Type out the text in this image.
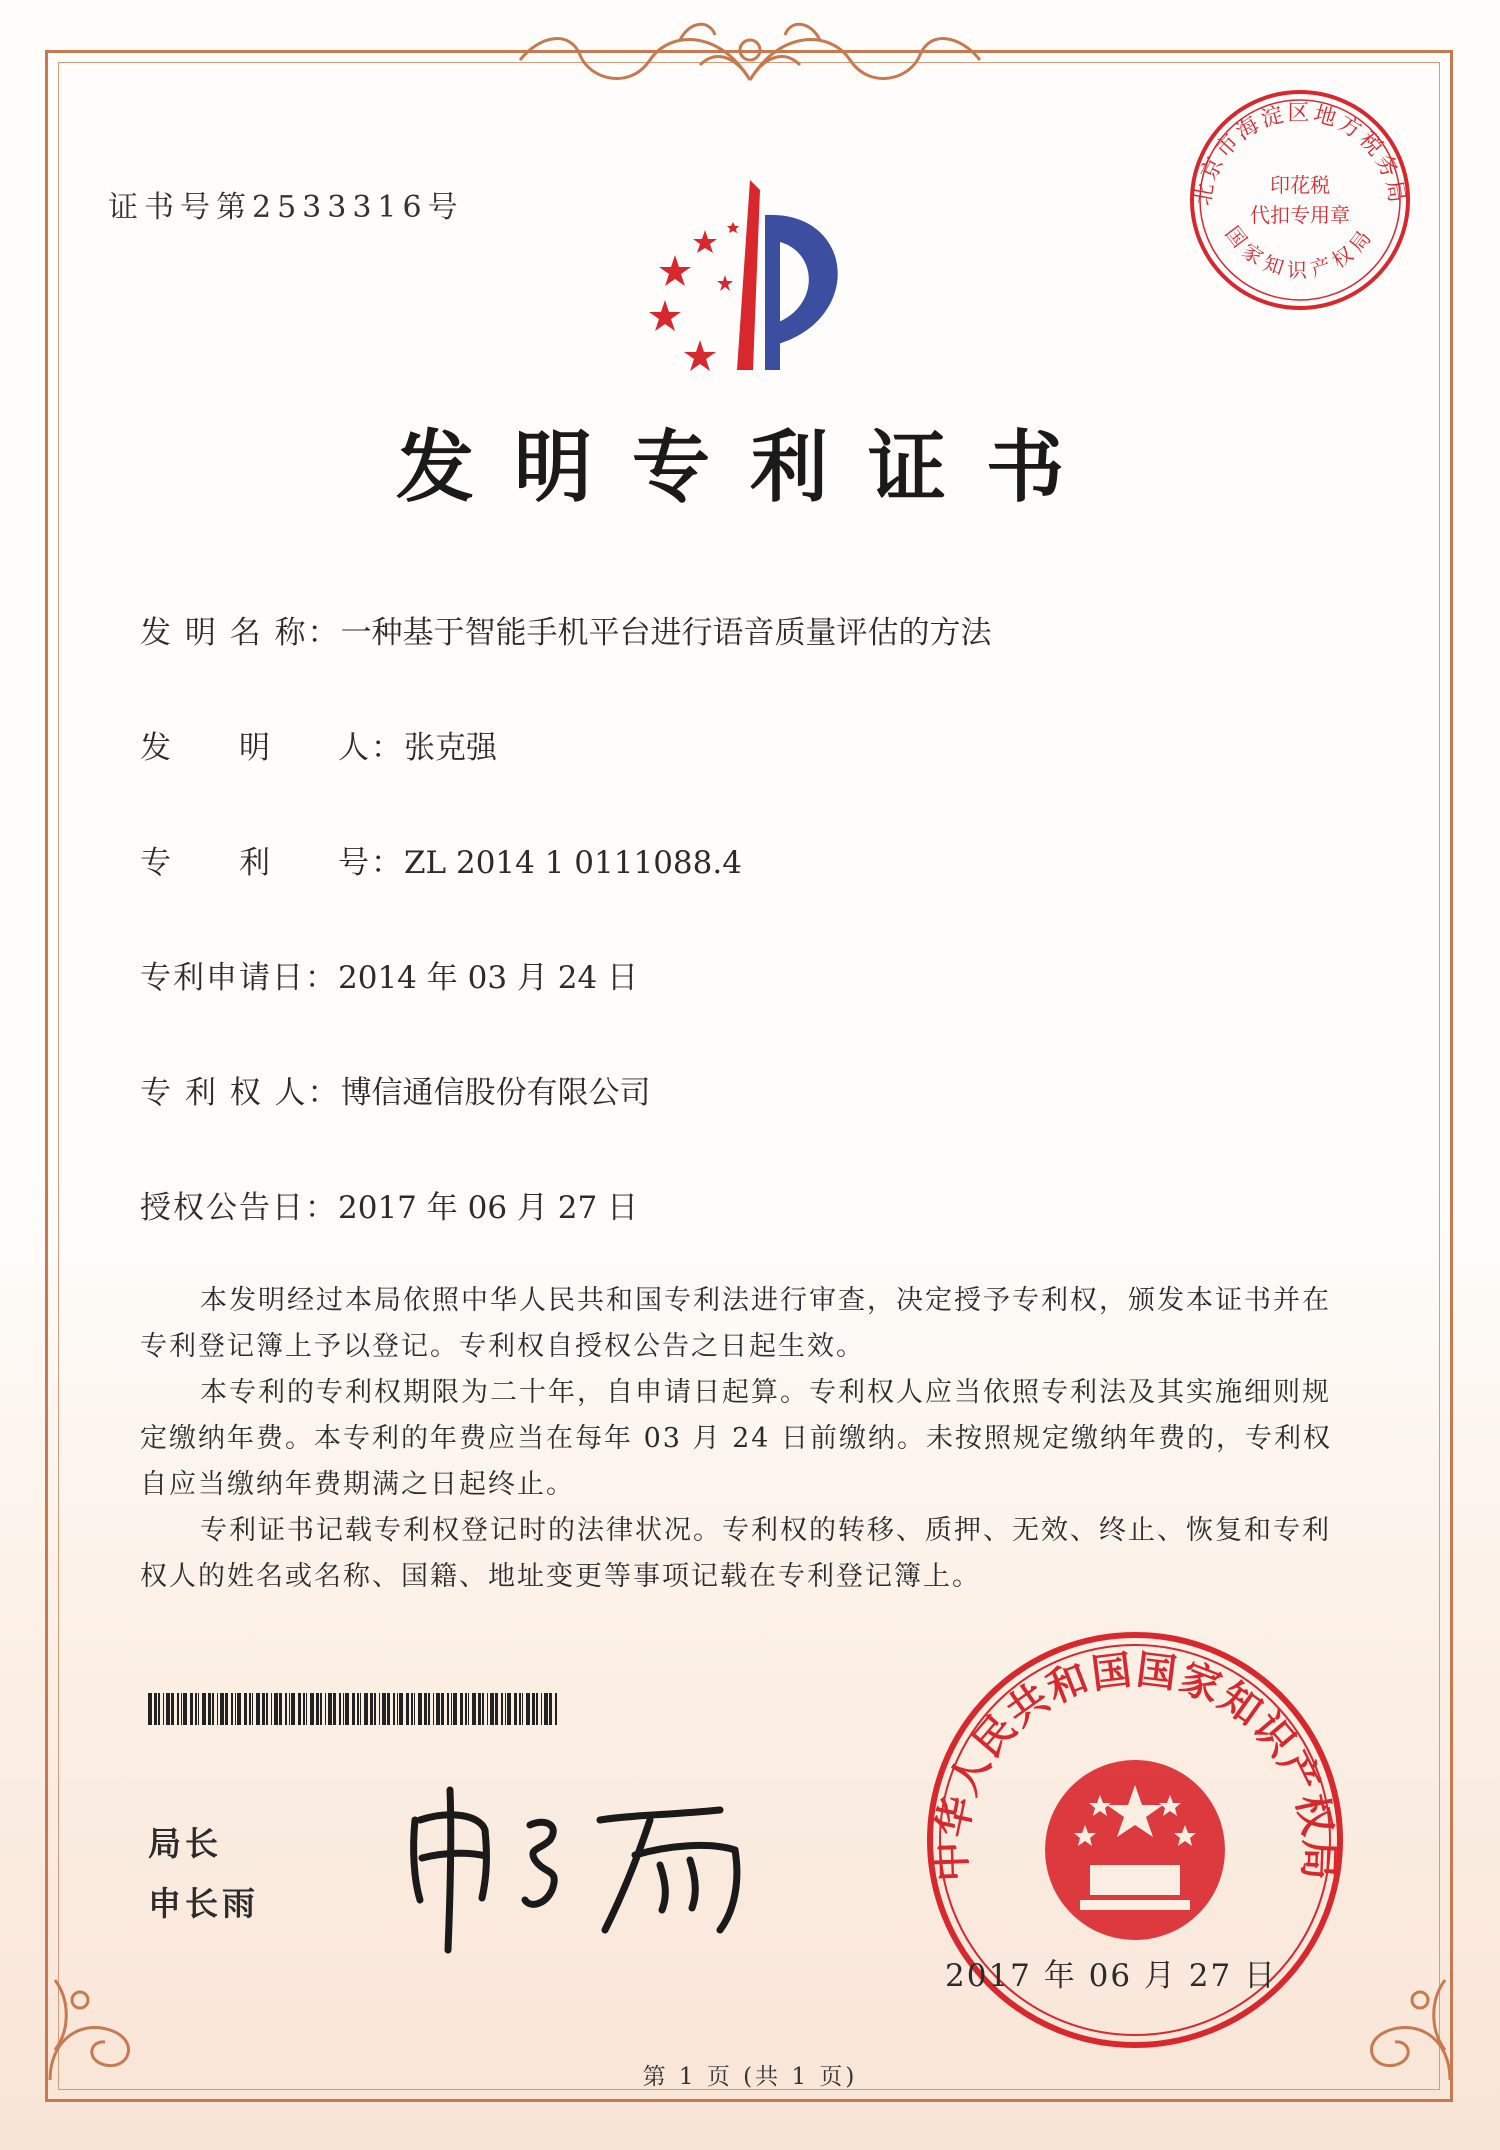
证书号第2533316号	北京市海淀区地方税务局
国家知识产权局
印花税
代扣专用章
发明专利证书
发 明 名 称：一种基于智能手机平台进行语音质量评估的方法
发　　明　　人：张克强
专　　利　　号：ZL 2014 1 0111088.4
专利申请日：2014 年 03 月 24 日
专 利 权 人：博信通信股份有限公司
授权公告日：2017 年 06 月 27 日

本发明经过本局依照中华人民共和国专利法进行审查，决定授予专利权，颁发本证书并在专利登记簿上予以登记。专利权自授权公告之日起生效。

本专利的专利权期限为二十年，自申请日起算。专利权人应当依照专利法及其实施细则规定缴纳年费。本专利的年费应当在每年 03 月 24 日前缴纳。未按照规定缴纳年费的，专利权自应当缴纳年费期满之日起终止。

专利证书记载专利权登记时的法律状况。专利权的转移、质押、无效、终止、恢复和专利权人的姓名或名称、国籍、地址变更等事项记载在专利登记簿上。

局长
申长雨
中华人民共和国国家知识产权局
2017 年 06 月 27 日
第 1 页 (共 1 页)
